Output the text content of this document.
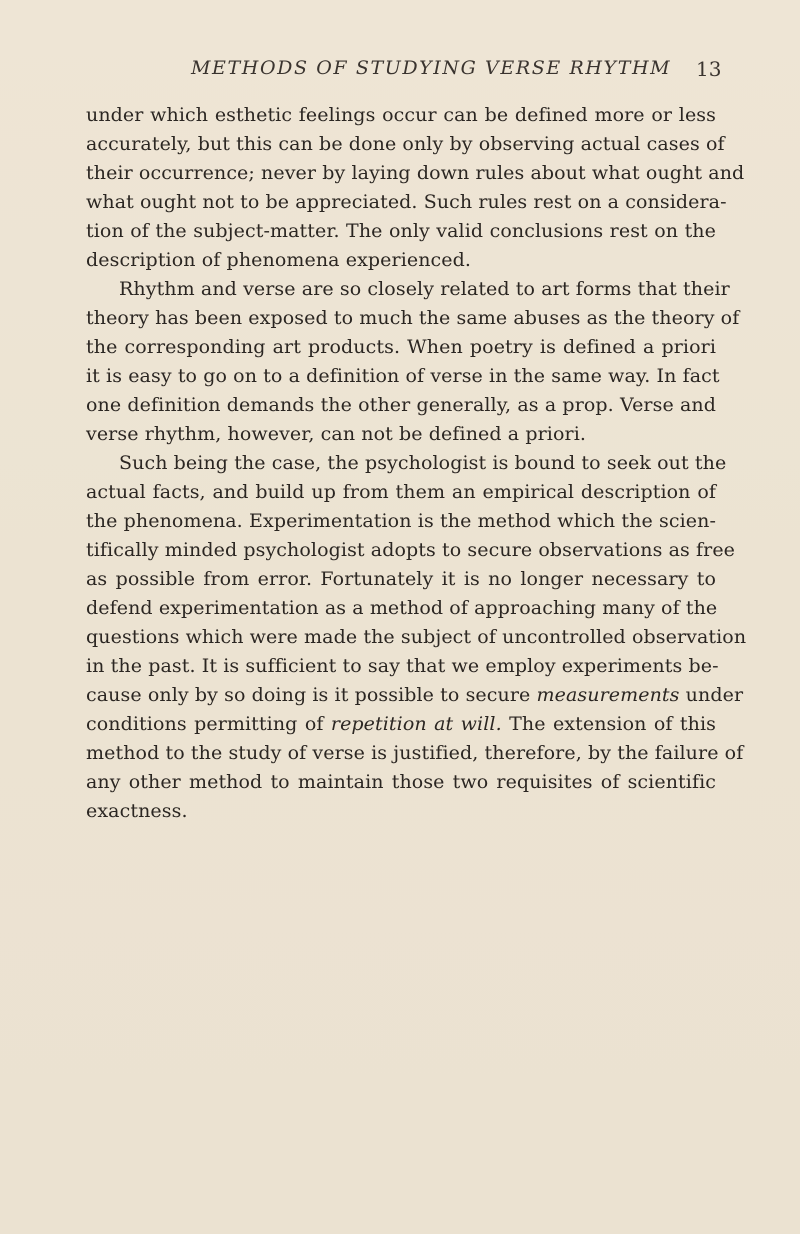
METHODS OF STUDYING VERSE RHYTHM 13
under which esthetic feelings occur can be defined more or less
accurately, but this can be done only by observing actual cases of
their occurrence; never by laying down rules about what ought and
what ought not to be appreciated. Such rules rest on a considera-
tion of the subject-matter. The only valid conclusions rest on the
description of phenomena experienced.
Rhythm and verse are so closely related to art forms that their
theory has been exposed to much the same abuses as the theory of
the corresponding art products. When poetry is defined a priori
it is easy to go on to a definition of verse in the same way. In fact
one definition demands the other generally, as a prop. Verse and
verse rhythm, however, can not be defined a priori.
Such being the case, the psychologist is bound to seek out the
actual facts, and build up from them an empirical description of
the phenomena. Experimentation is the method which the scien-
tifically minded psychologist adopts to secure observations as free
as possible from error. Fortunately it is no longer necessary to
defend experimentation as a method of approaching many of the
questions which were made the subject of uncontrolled observation
in the past. It is sufficient to say that we employ experiments be-
cause only by so doing is it possible to secure measurements under
conditions permitting of repetition at will. The extension of this
method to the study of verse is justified, therefore, by the failure of
any other method to maintain those two requisites of scientific
exactness.
